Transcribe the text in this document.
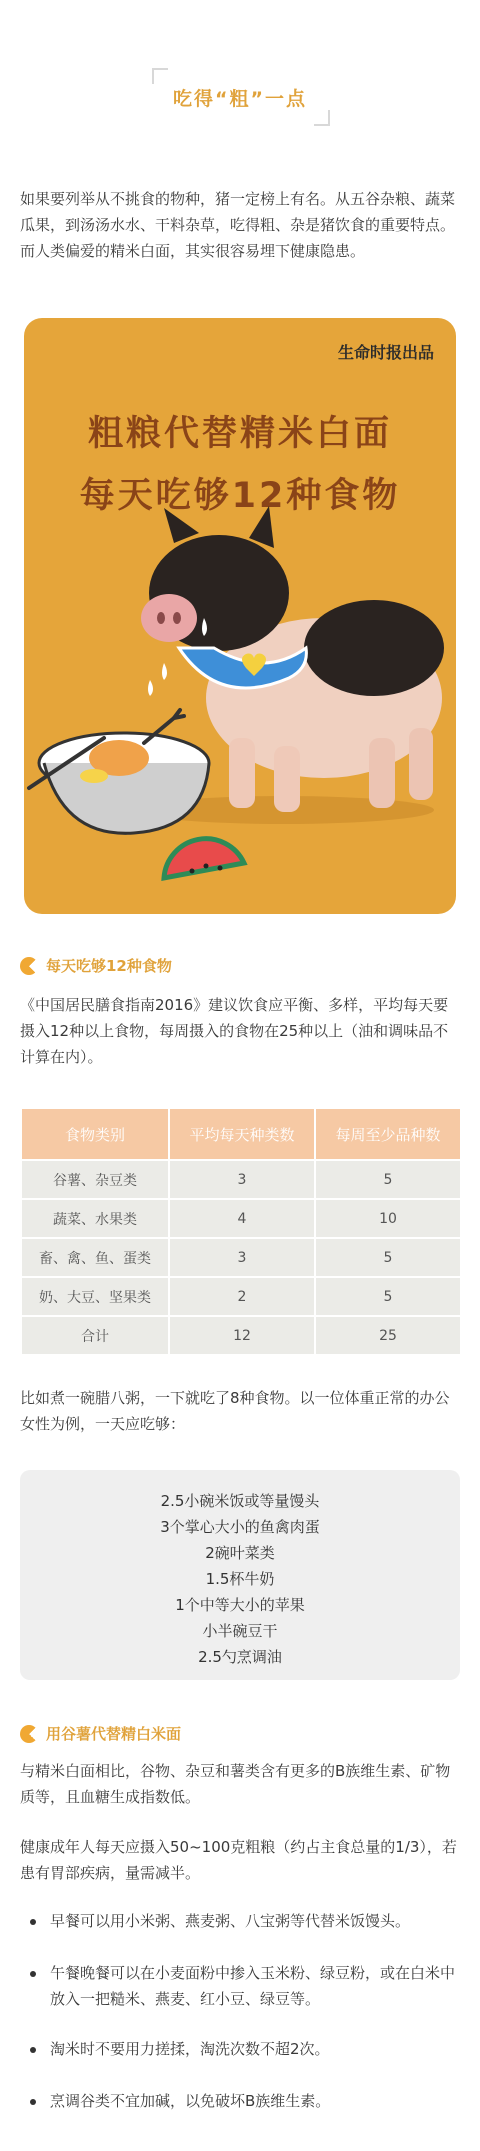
吃得“粗”一点
如果要列举从不挑食的物种，猪一定榜上有名。从五谷杂粮、蔬菜瓜果，到汤汤水水、干料杂草，吃得粗、杂是猪饮食的重要特点。而人类偏爱的精米白面，其实很容易埋下健康隐患。
生命时报出品
粗粮代替精米白面
每天吃够12种食物
每天吃够12种食物
《中国居民膳食指南2016》建议饮食应平衡、多样，平均每天要摄入12种以上食物，每周摄入的食物在25种以上（油和调味品不计算在内）。
食物类别	平均每天种类数	每周至少品种数
谷薯、杂豆类	3	5
蔬菜、水果类	4	10
畜、禽、鱼、蛋类	3	5
奶、大豆、坚果类	2	5
合计	12	25
比如煮一碗腊八粥，一下就吃了8种食物。以一位体重正常的办公女性为例，一天应吃够：
2.5小碗米饭或等量馒头
3个掌心大小的鱼禽肉蛋
2碗叶菜类
1.5杯牛奶
1个中等大小的苹果
小半碗豆干
2.5勺烹调油
用谷薯代替精白米面
与精米白面相比，谷物、杂豆和薯类含有更多的B族维生素、矿物质等，且血糖生成指数低。
健康成年人每天应摄入50~100克粗粮（约占主食总量的1/3），若患有胃部疾病，量需减半。
早餐可以用小米粥、燕麦粥、八宝粥等代替米饭馒头。
午餐晚餐可以在小麦面粉中掺入玉米粉、绿豆粉，或在白米中放入一把糙米、燕麦、红小豆、绿豆等。
淘米时不要用力搓揉，淘洗次数不超2次。
烹调谷类不宜加碱，以免破坏B族维生素。
